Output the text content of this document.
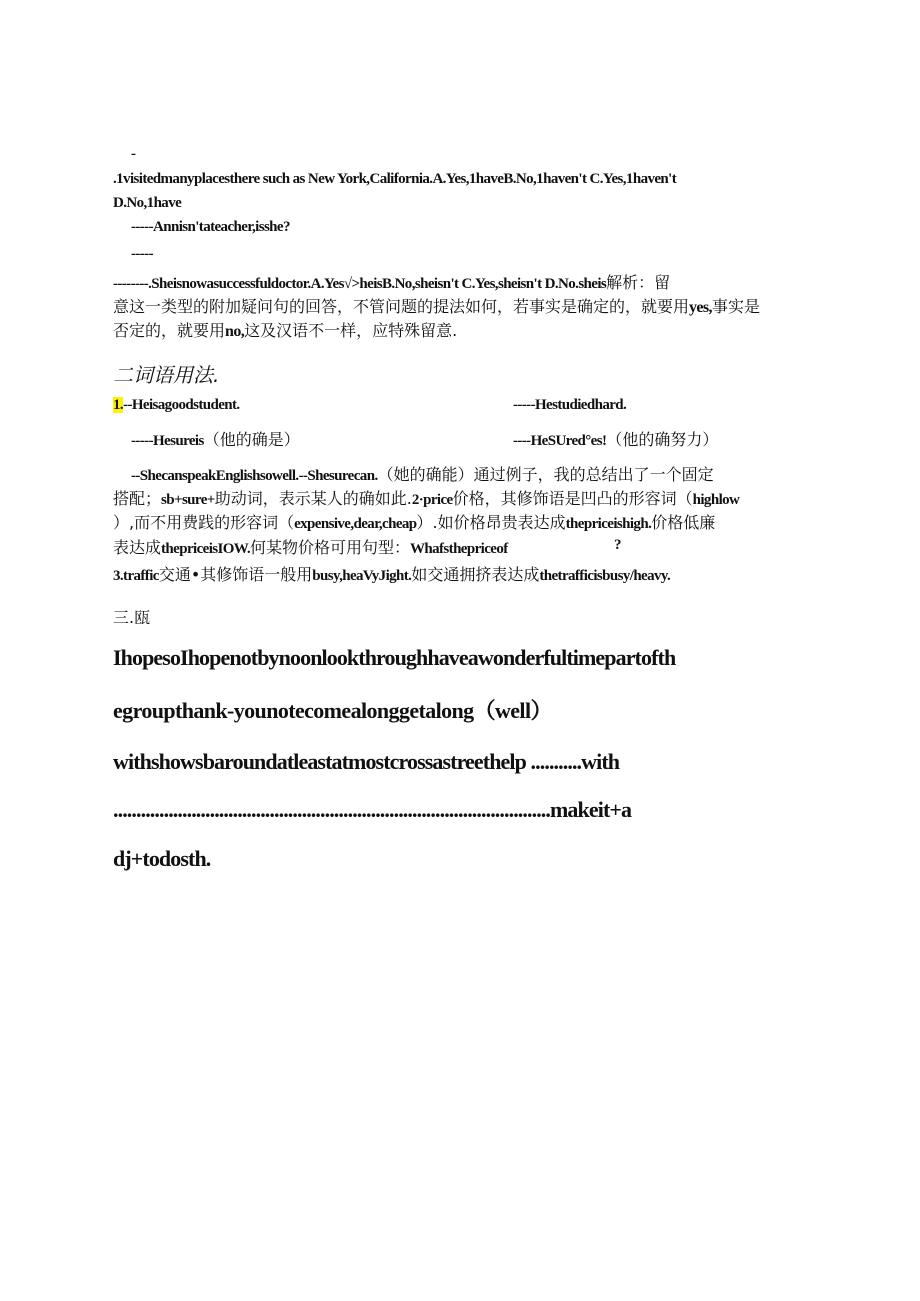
-
.1visitedmanyplacesthere such as New York,California.A.Yes,1haveB.No,1haven't C.Yes,1haven't
D.No,1have
-----Annisn'tateacher,isshe?
-----
--------.Sheisnowasuccessfuldoctor.A.Yes√>heisB.No,sheisn't C.Yes,sheisn't D.No.sheis解析：留
意这一类型的附加疑问句的回答，不管问题的提法如何，若事实是确定的，就要用yes,事实是
否定的，就要用no,这及汉语不一样，应特殊留意.
二词语用法.
1.--Heisagoodstudent.	-----Hestudiedhard.
-----Hesureis（他的确是）	----HeSUred°es!（他的确努力）
--ShecanspeakEnglishsowell.--Shesurecan.（她的确能）通过例子，我的总结出了一个固定
搭配；sb+sure+助动词，表示某人的确如此.2·price价格，其修饰语是凹凸的形容词（highlow
）,而不用费践的形容词（expensive,dear,cheap）.如价格昂贵表达成thepriceishigh.价格低廉
表达成thepriceisIOW.何某物价格可用句型：Whafsthepriceof	?
3.traffic交通•其修饰语一般用busy,heaVyJight.如交通拥挤表达成thetrafficisbusy/heavy.
三.瓯
IhopesoIhopenotbynoonlookthroughhaveawonderfultimepartofth
egroupthank-younotecomealonggetalong（well）
withshowsbaroundatleastatmostcrossastreethelp ...........with
...............................................................................................makeit+a
dj+todosth.
